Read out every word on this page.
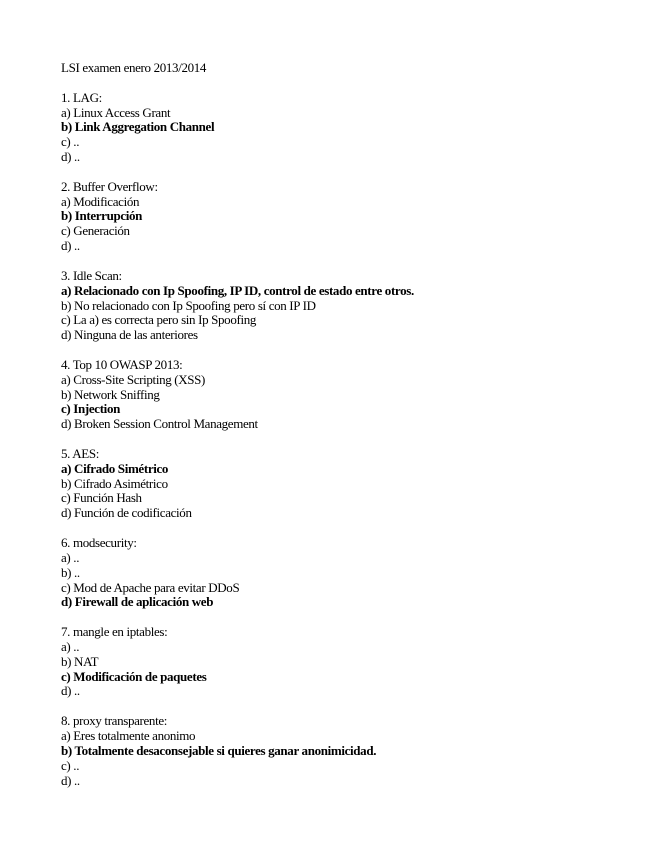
LSI examen enero 2013/2014
1. LAG:
a) Linux Access Grant
b) Link Aggregation Channel
c) ..
d) ..
2. Buffer Overflow:
a) Modificación
b) Interrupción
c) Generación
d) ..
3. Idle Scan:
a) Relacionado con Ip Spoofing, IP ID, control de estado entre otros.
b) No relacionado con Ip Spoofing pero sí con IP ID
c) La a) es correcta pero sin Ip Spoofing
d) Ninguna de las anteriores
4. Top 10 OWASP 2013:
a) Cross-Site Scripting (XSS)
b) Network Sniffing
c) Injection
d) Broken Session Control Management
5. AES:
a) Cifrado Simétrico
b) Cifrado Asimétrico
c) Función Hash
d) Función de codificación
6. modsecurity:
a) ..
b) ..
c) Mod de Apache para evitar DDoS
d) Firewall de aplicación web
7. mangle en iptables:
a) ..
b) NAT
c) Modificación de paquetes
d) ..
8. proxy transparente:
a) Eres totalmente anonimo
b) Totalmente desaconsejable si quieres ganar anonimicidad.
c) ..
d) ..
